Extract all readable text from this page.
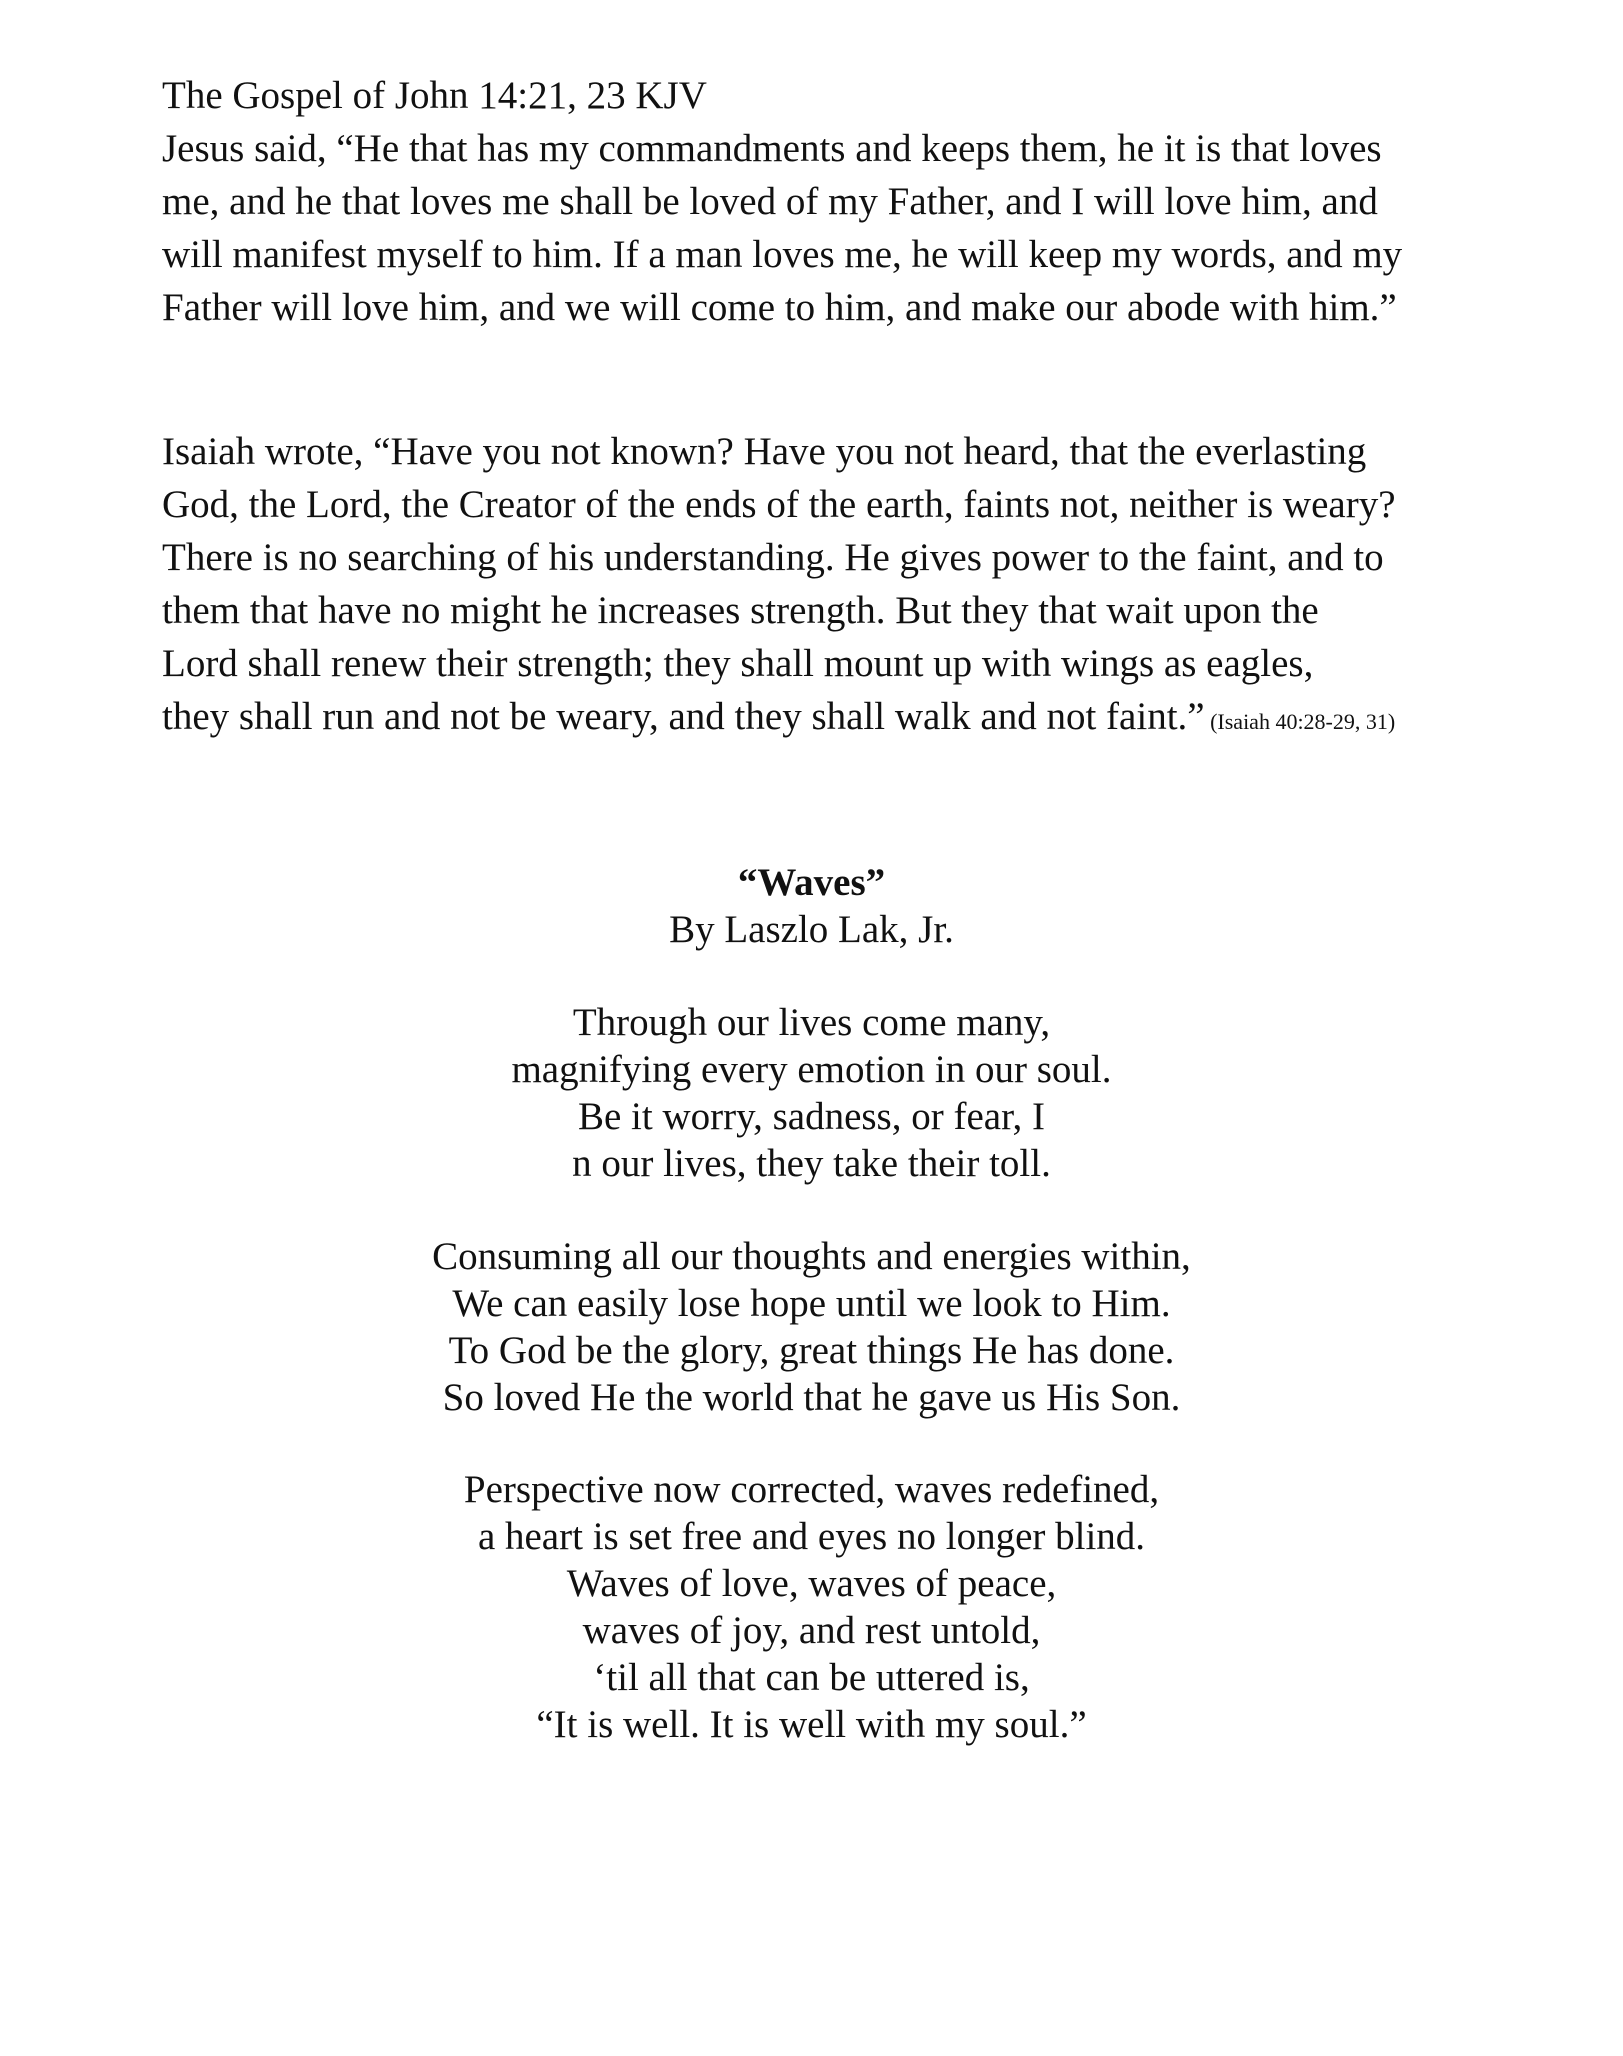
The Gospel of John 14:21, 23 KJV
Jesus said, “He that has my commandments and keeps them, he it is that loves
me, and he that loves me shall be loved of my Father, and I will love him, and
will manifest myself to him. If a man loves me, he will keep my words, and my
Father will love him, and we will come to him, and make our abode with him.”
Isaiah wrote, “Have you not known? Have you not heard, that the everlasting
God, the Lord, the Creator of the ends of the earth, faints not, neither is weary?
There is no searching of his understanding. He gives power to the faint, and to
them that have no might he increases strength. But they that wait upon the
Lord shall renew their strength; they shall mount up with wings as eagles,
they shall run and not be weary, and they shall walk and not faint.” (Isaiah 40:28-29, 31)
“Waves”
By Laszlo Lak, Jr.
Through our lives come many,
magnifying every emotion in our soul.
Be it worry, sadness, or fear, I
n our lives, they take their toll.
Consuming all our thoughts and energies within,
We can easily lose hope until we look to Him.
To God be the glory, great things He has done.
So loved He the world that he gave us His Son.
Perspective now corrected, waves redefined,
a heart is set free and eyes no longer blind.
Waves of love, waves of peace,
waves of joy, and rest untold,
‘til all that can be uttered is,
“It is well. It is well with my soul.”
